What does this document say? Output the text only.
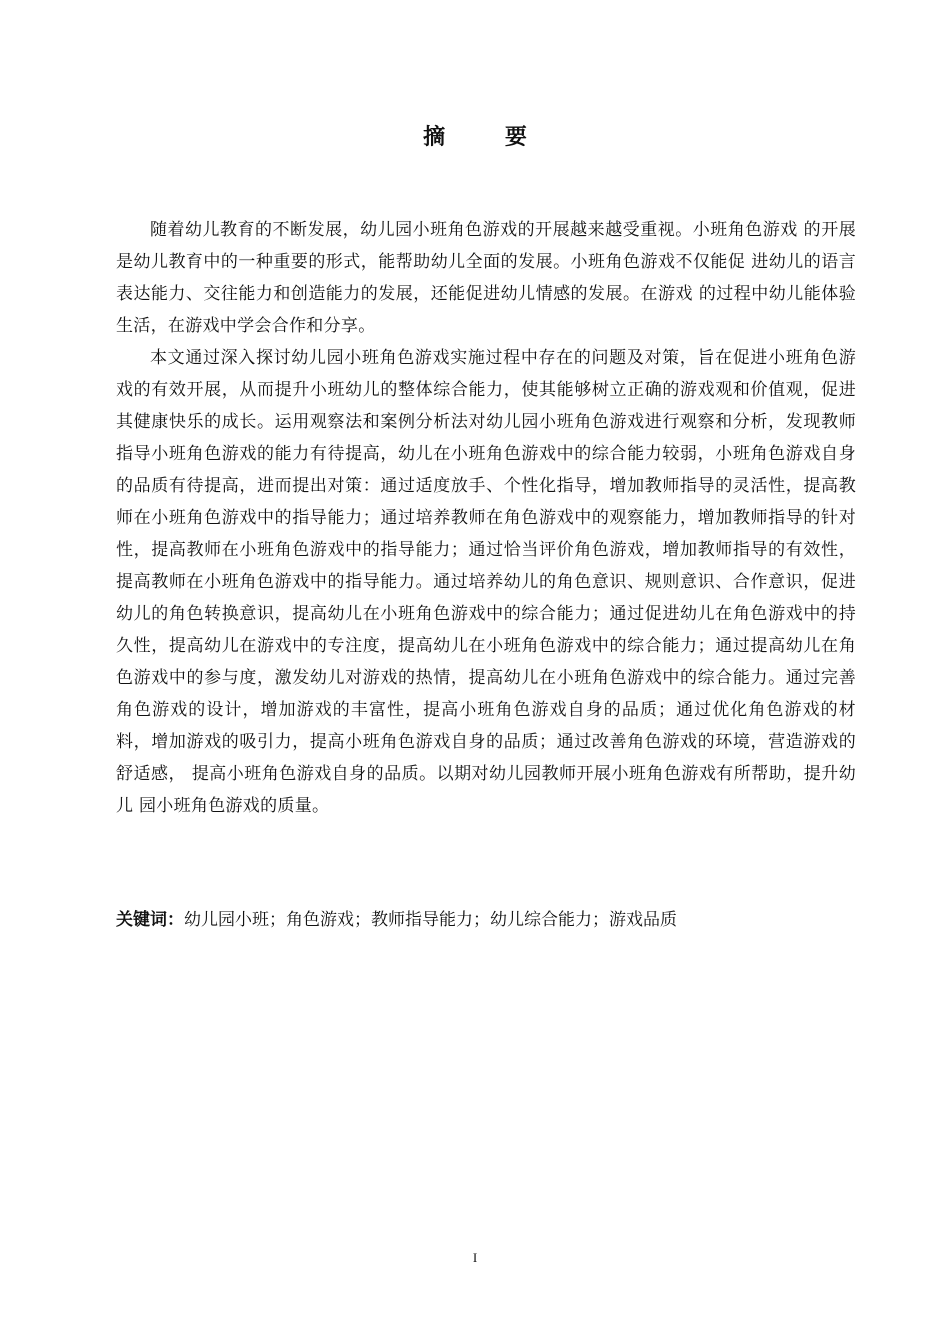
摘 要

随着幼儿教育的不断发展，幼儿园小班角色游戏的开展越来越受重视。小班角色游戏 的开展是幼儿教育中的一种重要的形式，能帮助幼儿全面的发展。小班角色游戏不仅能促 进幼儿的语言表达能力、交往能力和创造能力的发展，还能促进幼儿情感的发展。在游戏 的过程中幼儿能体验生活，在游戏中学会合作和分享。

本文通过深入探讨幼儿园小班角色游戏实施过程中存在的问题及对策，旨在促进小班角色游戏的有效开展，从而提升小班幼儿的整体综合能力，使其能够树立正确的游戏观和价值观，促进其健康快乐的成长。运用观察法和案例分析法对幼儿园小班角色游戏进行观察和分析，发现教师指导小班角色游戏的能力有待提高，幼儿在小班角色游戏中的综合能力较弱，小班角色游戏自身的品质有待提高，进而提出对策：通过适度放手、个性化指导，增加教师指导的灵活性，提高教师在小班角色游戏中的指导能力；通过培养教师在角色游戏中的观察能力，增加教师指导的针对性，提高教师在小班角色游戏中的指导能力；通过恰当评价角色游戏，增加教师指导的有效性，提高教师在小班角色游戏中的指导能力。通过培养幼儿的角色意识、规则意识、合作意识，促进幼儿的角色转换意识，提高幼儿在小班角色游戏中的综合能力；通过促进幼儿在角色游戏中的持久性，提高幼儿在游戏中的专注度，提高幼儿在小班角色游戏中的综合能力；通过提高幼儿在角色游戏中的参与度，激发幼儿对游戏的热情，提高幼儿在小班角色游戏中的综合能力。通过完善角色游戏的设计，增加游戏的丰富性，提高小班角色游戏自身的品质；通过优化角色游戏的材料，增加游戏的吸引力，提高小班角色游戏自身的品质；通过改善角色游戏的环境，营造游戏的舒适感， 提高小班角色游戏自身的品质。以期对幼儿园教师开展小班角色游戏有所帮助，提升幼儿 园小班角色游戏的质量。

关键词：幼儿园小班；角色游戏；教师指导能力；幼儿综合能力；游戏品质
I
